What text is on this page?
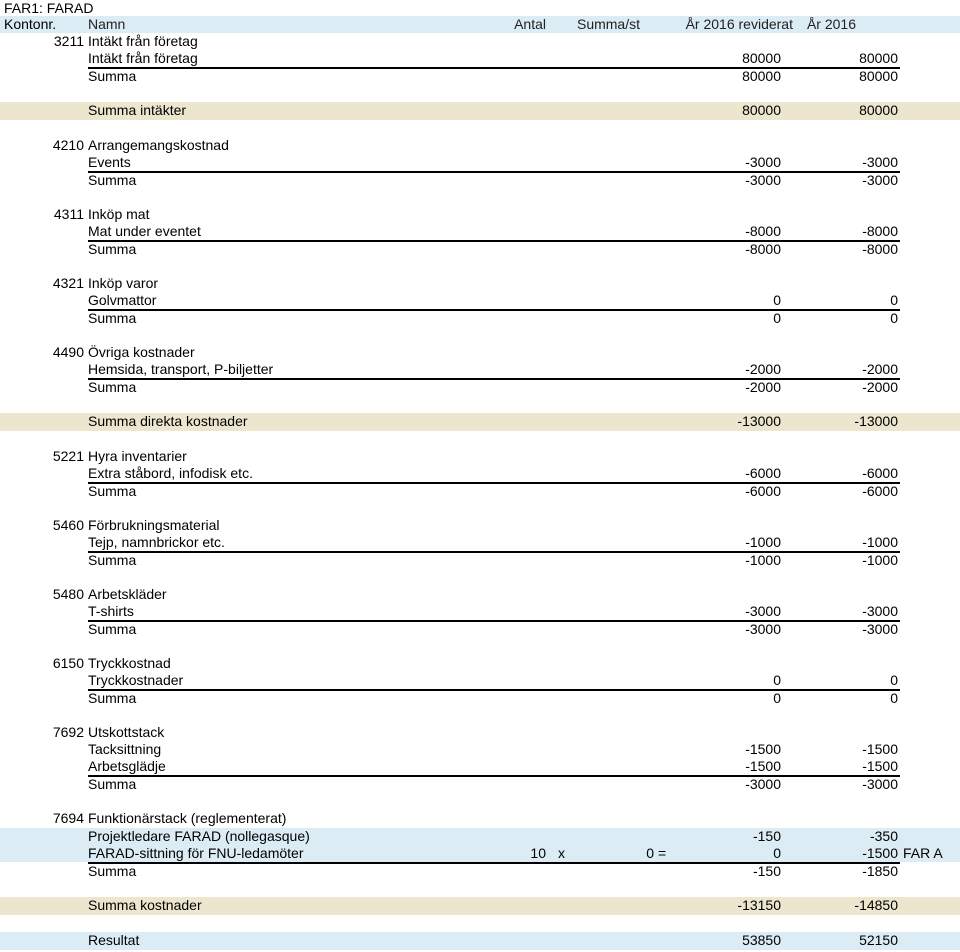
FAR1: FARAD
Kontonr.	Namn	Antal	Summa/st	År 2016 reviderat År 2016
3211 Intäkt från företag
Intäkt från företag	80000	80000
Summa	80000	80000
Summa intäkter	80000	80000
4210 Arrangemangskostnad
Events	-3000	-3000
Summa	-3000	-3000
4311 Inköp mat
Mat under eventet	-8000	-8000
Summa	-8000	-8000
4321 Inköp varor
Golvmattor	0	0
Summa	0	0
4490 Övriga kostnader
Hemsida, transport, P-biljetter	-2000	-2000
Summa	-2000	-2000
Summa direkta kostnader	-13000	-13000
5221 Hyra inventarier
Extra ståbord, infodisk etc.	-6000	-6000
Summa	-6000	-6000
5460 Förbrukningsmaterial
Tejp, namnbrickor etc.	-1000	-1000
Summa	-1000	-1000
5480 Arbetskläder
T-shirts	-3000	-3000
Summa	-3000	-3000
6150 Tryckkostnad
Tryckkostnader	0	0
Summa	0	0
7692 Utskottstack
Tacksittning	-1500	-1500
Arbetsglädje	-1500	-1500
Summa	-3000	-3000
7694 Funktionärstack (reglementerat)
Projektledare FARAD (nollegasque)	-150	-350
FARAD-sittning för FNU-ledamöter	10 x	0 =	0	-1500 FAR A
Summa	-150	-1850
Summa kostnader	-13150	-14850
Resultat	53850	52150
